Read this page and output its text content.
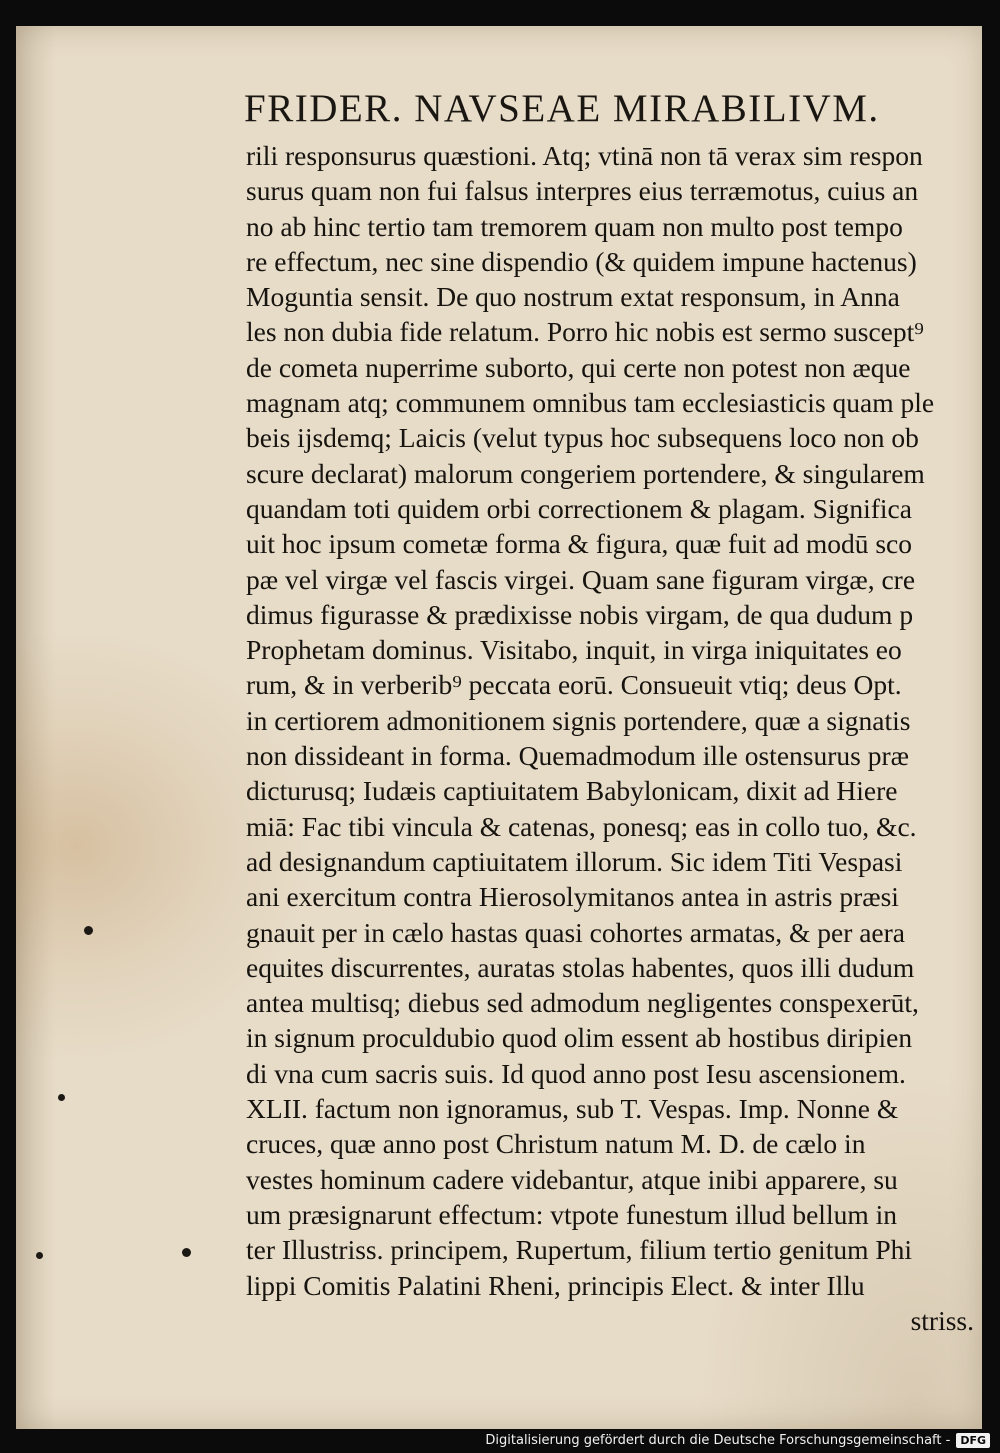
FRIDER. NAVSEAE MIRABILIVM.
rili responsurus quæstioni. Atq; vtinā non tā verax sim respon
surus quam non fui falsus interpres eius terræmotus, cuius an
no ab hinc tertio tam tremorem quam non multo post tempo
re effectum, nec sine dispendio (& quidem impune hactenus)
Moguntia sensit. De quo nostrum extat responsum, in Anna
les non dubia fide relatum. Porro hic nobis est sermo suscept⁹
de cometa nuperrime suborto, qui certe non potest non æque
magnam atq; communem omnibus tam ecclesiasticis quam ple
beis ijsdemq; Laicis (velut typus hoc subsequens loco non ob
scure declarat) malorum congeriem portendere, & singularem
quandam toti quidem orbi correctionem & plagam. Significa
uit hoc ipsum cometæ forma & figura, quæ fuit ad modū sco
pæ vel virgæ vel fascis virgei. Quam sane figuram virgæ, cre
dimus figurasse & prædixisse nobis virgam, de qua dudum p
Prophetam dominus. Visitabo, inquit, in virga iniquitates eo
rum, & in verberib⁹ peccata eorū. Consueuit vtiq; deus Opt.
in certiorem admonitionem signis portendere, quæ a signatis
non dissideant in forma. Quemadmodum ille ostensurus præ
dicturusq; Iudæis captiuitatem Babylonicam, dixit ad Hiere
miā: Fac tibi vincula & catenas, ponesq; eas in collo tuo, &c.
ad designandum captiuitatem illorum. Sic idem Titi Vespasi
ani exercitum contra Hierosolymitanos antea in astris præsi
gnauit per in cælo hastas quasi cohortes armatas, & per aera
equites discurrentes, auratas stolas habentes, quos illi dudum
antea multisq; diebus sed admodum negligentes conspexerūt,
in signum proculdubio quod olim essent ab hostibus diripien
di vna cum sacris suis. Id quod anno post Iesu ascensionem.
XLII. factum non ignoramus, sub T. Vespas. Imp. Nonne &
cruces, quæ anno post Christum natum M. D. de cælo in
vestes hominum cadere videbantur, atque inibi apparere, su
um præsignarunt effectum: vtpote funestum illud bellum in
ter Illustriss. principem, Rupertum, filium tertio genitum Phi
lippi Comitis Palatini Rheni, principis Elect. & inter Illu
striss.
Digitalisierung gefördert durch die Deutsche Forschungsgemeinschaft - DFG
